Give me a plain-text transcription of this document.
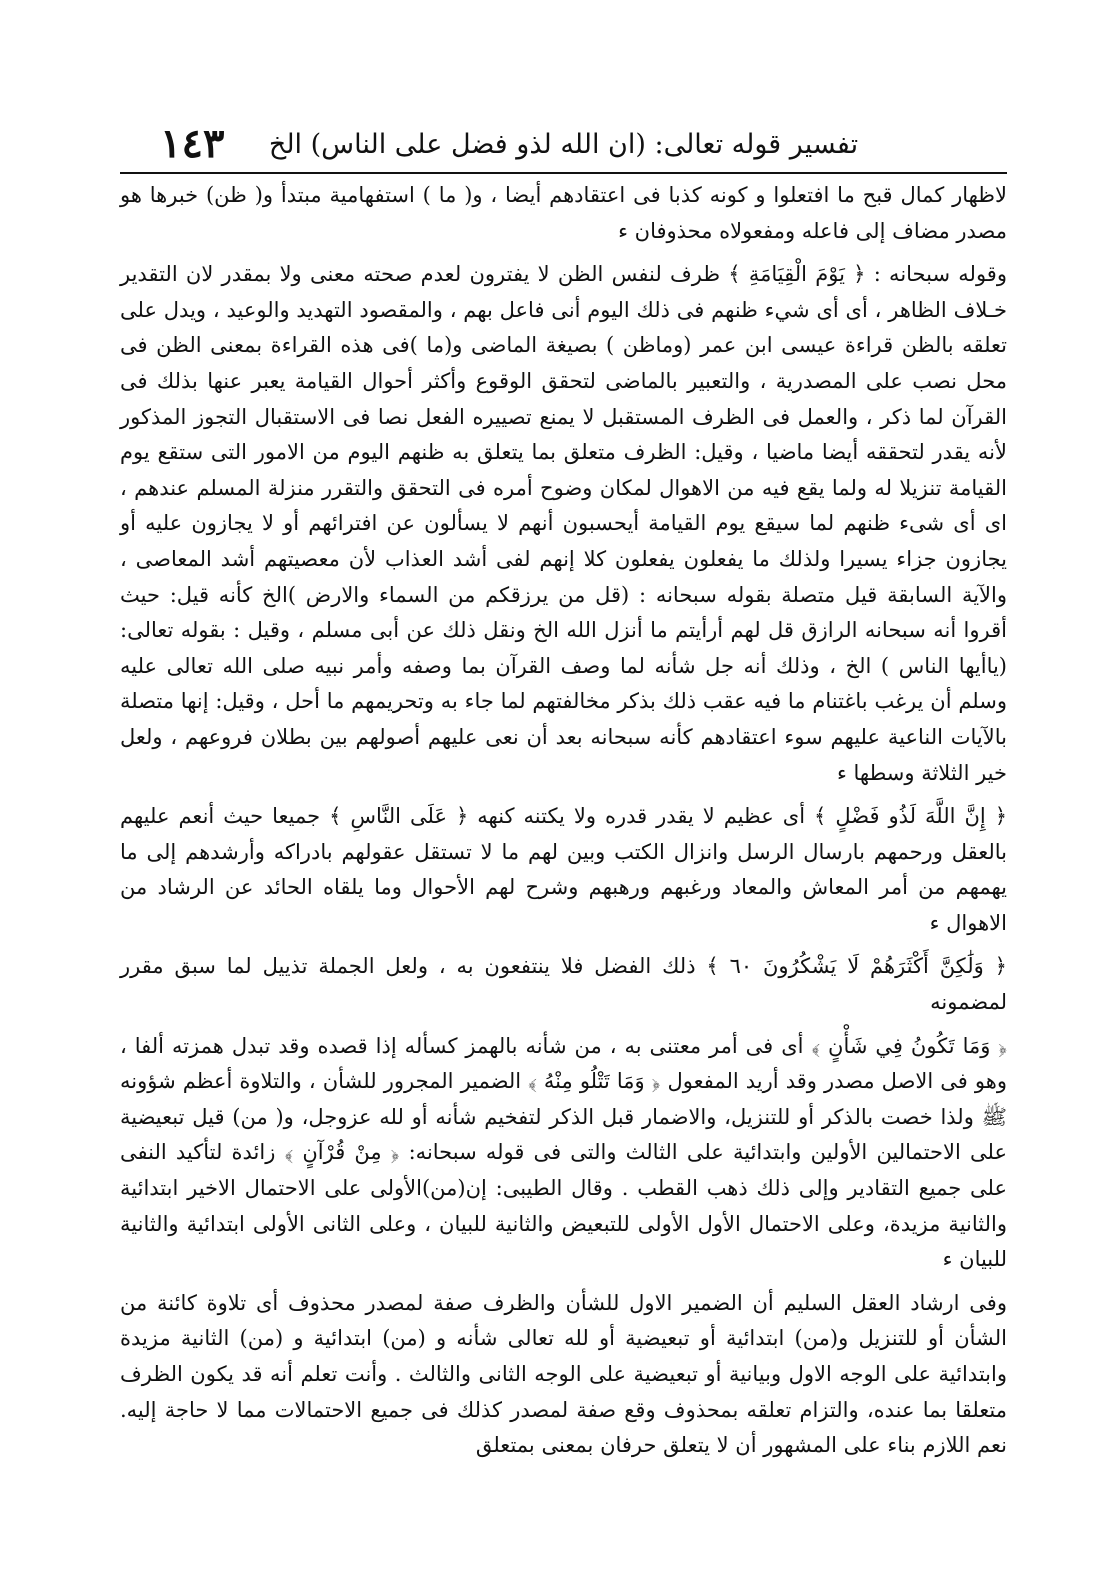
١٤٣	تفسير قوله تعالى: (ان الله لذو فضل على الناس) الخ

لاظهار كمال قبح ما افتعلوا و كونه كذبا فى اعتقادهم أيضا ، و( ما ) استفهامية مبتدأ و( ظن) خبرها هو مصدر مضاف إلى فاعله ومفعولاه محذوفان ء

وقوله سبحانه : ﴿ يَوْمَ الْقِيَامَةِ ﴾ ظرف لنفس الظن لا يفترون لعدم صحته معنى ولا بمقدر لان التقدير خـلاف الظاهر ، أى أى شيء ظنهم فى ذلك اليوم أنى فاعل بهم ، والمقصود التهديد والوعيد ، ويدل على تعلقه بالظن قراءة عيسى ابن عمر (وماظن ) بصيغة الماضى و(ما )فى هذه القراءة بمعنى الظن فى محل نصب على المصدرية ، والتعبير بالماضى لتحقق الوقوع وأكثر أحوال القيامة يعبر عنها بذلك فى القرآن لما ذكر ، والعمل فى الظرف المستقبل لا يمنع تصييره الفعل نصا فى الاستقبال التجوز المذكور لأنه يقدر لتحققه أيضا ماضيا ، وقيل: الظرف متعلق بما يتعلق به ظنهم اليوم من الامور التى ستقع يوم القيامة تنزيلا له ولما يقع فيه من الاهوال لمكان وضوح أمره فى التحقق والتقرر منزلة المسلم عندهم ، اى أى شىء ظنهم لما سيقع يوم القيامة أيحسبون أنهم لا يسألون عن افترائهم أو لا يجازون عليه أو يجازون جزاء يسيرا ولذلك ما يفعلون يفعلون كلا إنهم لفى أشد العذاب لأن معصيتهم أشد المعاصى ، والآية السابقة قيل متصلة بقوله سبحانه : (قل من يرزقكم من السماء والارض )الخ كأنه قيل: حيث أقروا أنه سبحانه الرازق قل لهم أرأيتم ما أنزل الله الخ ونقل ذلك عن أبى مسلم ، وقيل : بقوله تعالى: (ياأيها الناس ) الخ ، وذلك أنه جل شأنه لما وصف القرآن بما وصفه وأمر نبيه صلى الله تعالى عليه وسلم أن يرغب باغتنام ما فيه عقب ذلك بذكر مخالفتهم لما جاء به وتحريمهم ما أحل ، وقيل: إنها متصلة بالآيات الناعية عليهم سوء اعتقادهم كأنه سبحانه بعد أن نعى عليهم أصولهم بين بطلان فروعهم ، ولعل خير الثلاثة وسطها ء

﴿ إِنَّ اللَّهَ لَذُو فَضْلٍ ﴾ أى عظيم لا يقدر قدره ولا يكتنه كنهه ﴿ عَلَى النَّاسِ ﴾ جميعا حيث أنعم عليهم بالعقل ورحمهم بارسال الرسل وانزال الكتب وبين لهم ما لا تستقل عقولهم بادراكه وأرشدهم إلى ما يهمهم من أمر المعاش والمعاد ورغبهم ورهبهم وشرح لهم الأحوال وما يلقاه الحائد عن الرشاد من الاهوال ء

﴿ وَلَٰكِنَّ أَكْثَرَهُمْ لَا يَشْكُرُونَ ٦٠ ﴾ ذلك الفضل فلا ينتفعون به ، ولعل الجملة تذييل لما سبق مقرر لمضمونه

﴿ وَمَا تَكُونُ فِي شَأْنٍ ﴾ أى فى أمر معتنى به ، من شأنه بالهمز كسأله إذا قصده وقد تبدل همزته ألفا ، وهو فى الاصل مصدر وقد أريد المفعول ﴿ وَمَا تَتْلُو مِنْهُ ﴾ الضمير المجرور للشأن ، والتلاوة أعظم شؤونه ﷺ ولذا خصت بالذكر أو للتنزيل، والاضمار قبل الذكر لتفخيم شأنه أو لله عزوجل، و( من) قيل تبعيضية على الاحتمالين الأولين وابتدائية على الثالث والتى فى قوله سبحانه: ﴿ مِنْ قُرْآنٍ ﴾ زائدة لتأكيد النفى على جميع التقادير وإلى ذلك ذهب القطب . وقال الطيبى: إن(من)الأولى على الاحتمال الاخير ابتدائية والثانية مزيدة، وعلى الاحتمال الأول الأولى للتبعيض والثانية للبيان ، وعلى الثانى الأولى ابتدائية والثانية للبيان ء

وفى ارشاد العقل السليم أن الضمير الاول للشأن والظرف صفة لمصدر محذوف أى تلاوة كائنة من الشأن أو للتنزيل و(من) ابتدائية أو تبعيضية أو لله تعالى شأنه و (من) ابتدائية و (من) الثانية مزيدة وابتدائية على الوجه الاول وبيانية أو تبعيضية على الوجه الثانى والثالث . وأنت تعلم أنه قد يكون الظرف متعلقا بما عنده، والتزام تعلقه بمحذوف وقع صفة لمصدر كذلك فى جميع الاحتمالات مما لا حاجة إليه. نعم اللازم بناء على المشهور أن لا يتعلق حرفان بمعنى بمتعلق
